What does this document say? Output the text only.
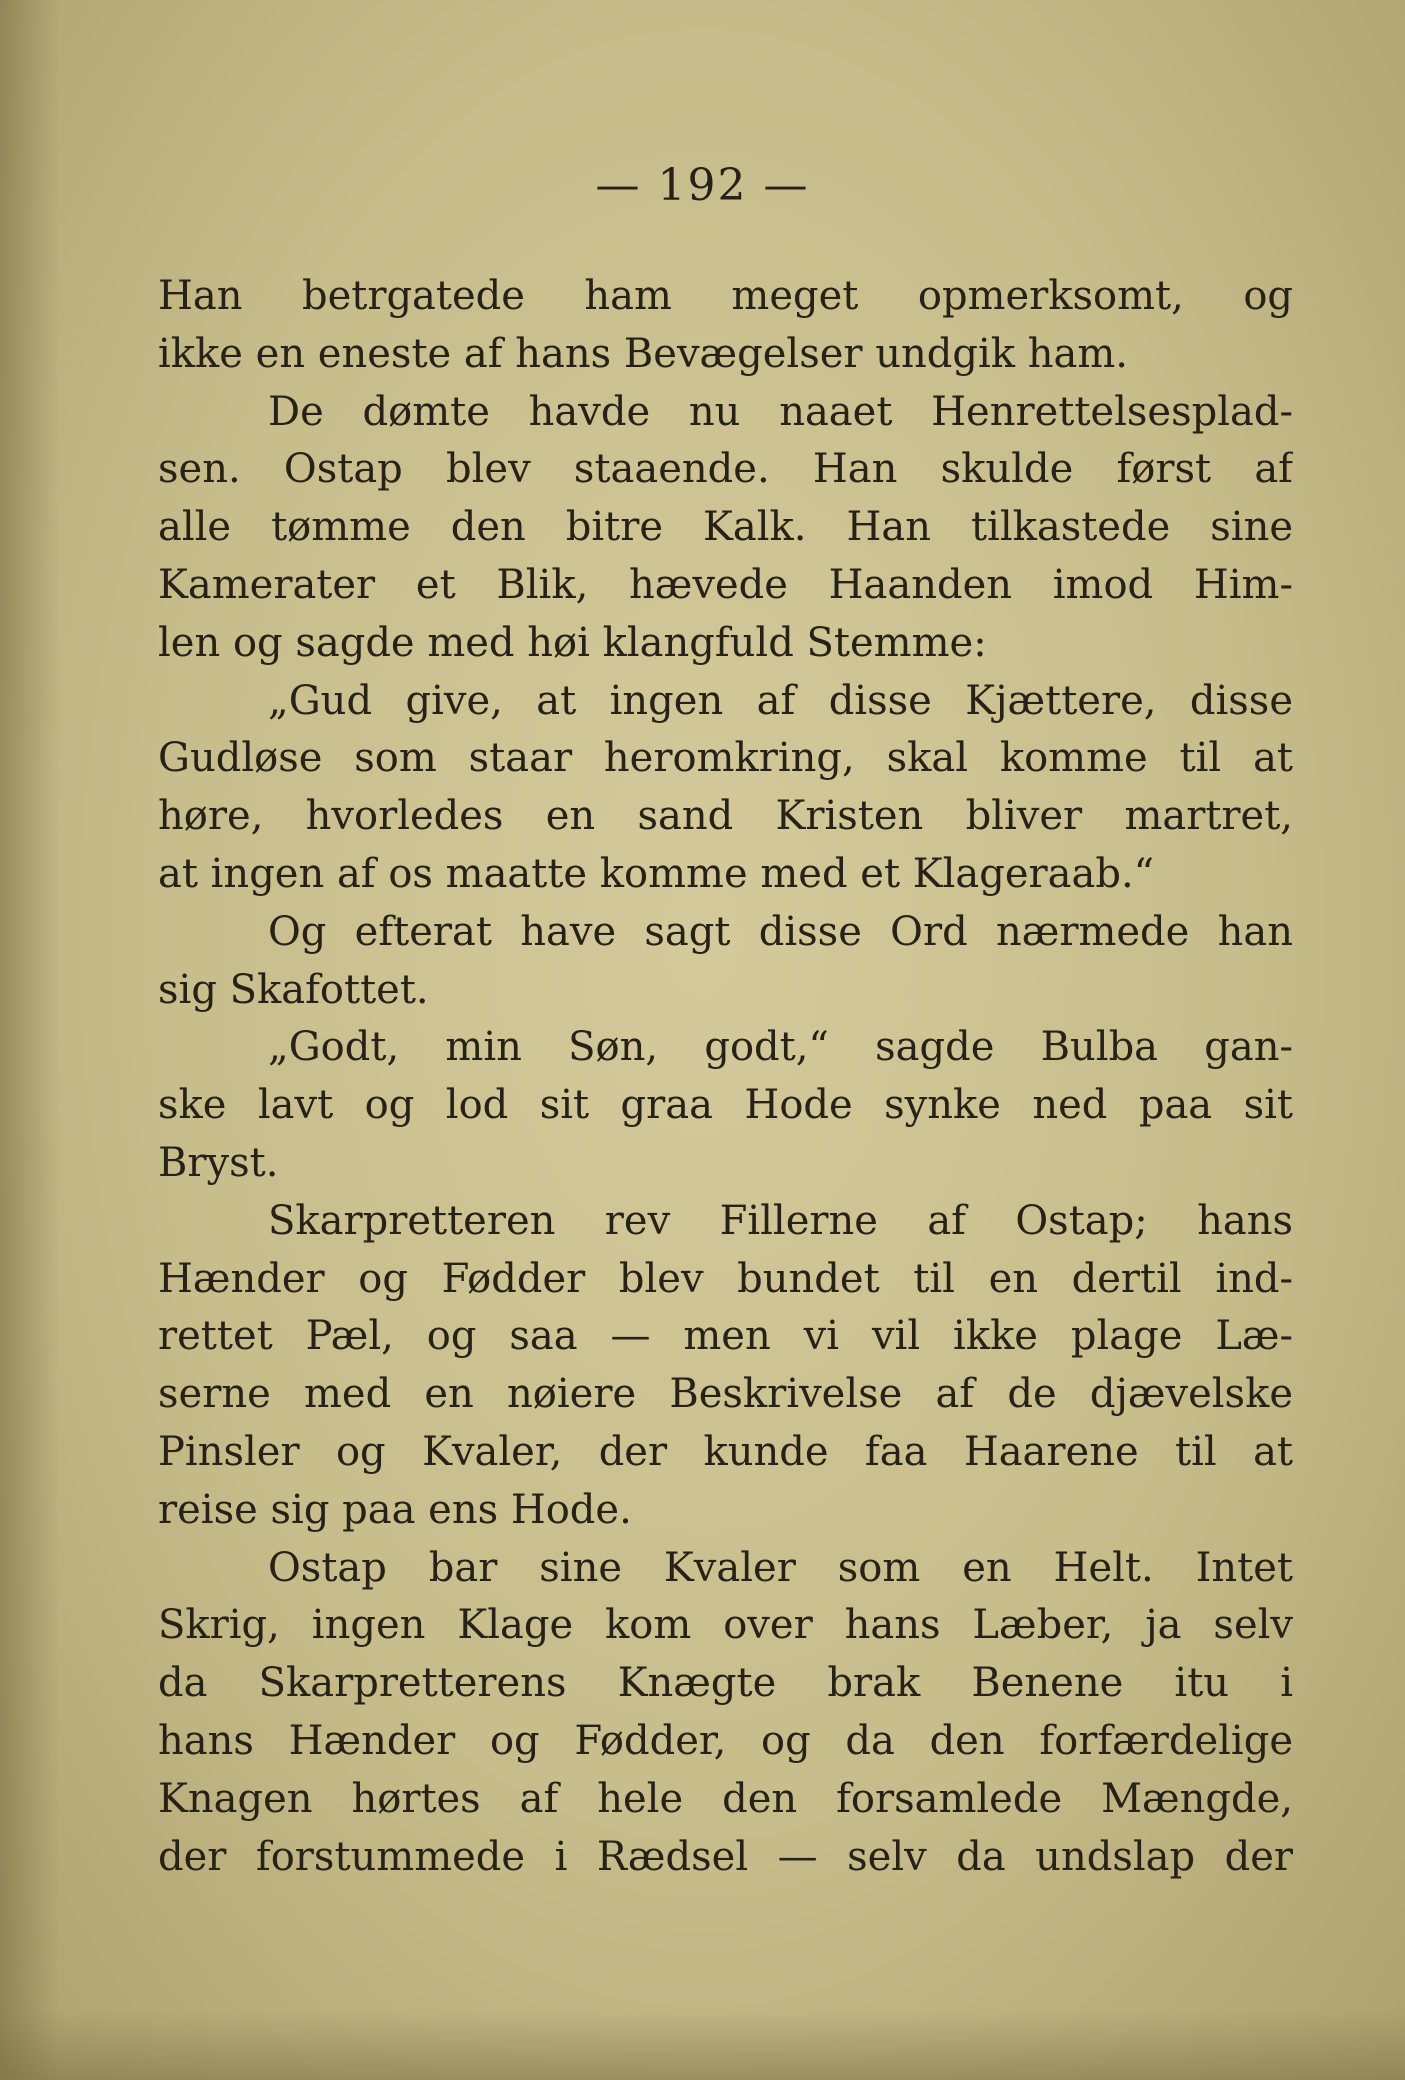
— 192 —
Han betrgatede ham meget opmerksomt, og
ikke en eneste af hans Bevægelser undgik ham.
De dømte havde nu naaet Henrettelsesplad-
sen. Ostap blev staaende. Han skulde først af
alle tømme den bitre Kalk. Han tilkastede sine
Kamerater et Blik, hævede Haanden imod Him-
len og sagde med høi klangfuld Stemme:
„Gud give, at ingen af disse Kjættere, disse
Gudløse som staar heromkring, skal komme til at
høre, hvorledes en sand Kristen bliver martret,
at ingen af os maatte komme med et Klageraab.“
Og efterat have sagt disse Ord nærmede han
sig Skafottet.
„Godt, min Søn, godt,“ sagde Bulba gan-
ske lavt og lod sit graa Hode synke ned paa sit
Bryst.
Skarpretteren rev Fillerne af Ostap; hans
Hænder og Fødder blev bundet til en dertil ind-
rettet Pæl, og saa — men vi vil ikke plage Læ-
serne med en nøiere Beskrivelse af de djævelske
Pinsler og Kvaler, der kunde faa Haarene til at
reise sig paa ens Hode.
Ostap bar sine Kvaler som en Helt. Intet
Skrig, ingen Klage kom over hans Læber, ja selv
da Skarpretterens Knægte brak Benene itu i
hans Hænder og Fødder, og da den forfærdelige
Knagen hørtes af hele den forsamlede Mængde,
der forstummede i Rædsel — selv da undslap der
